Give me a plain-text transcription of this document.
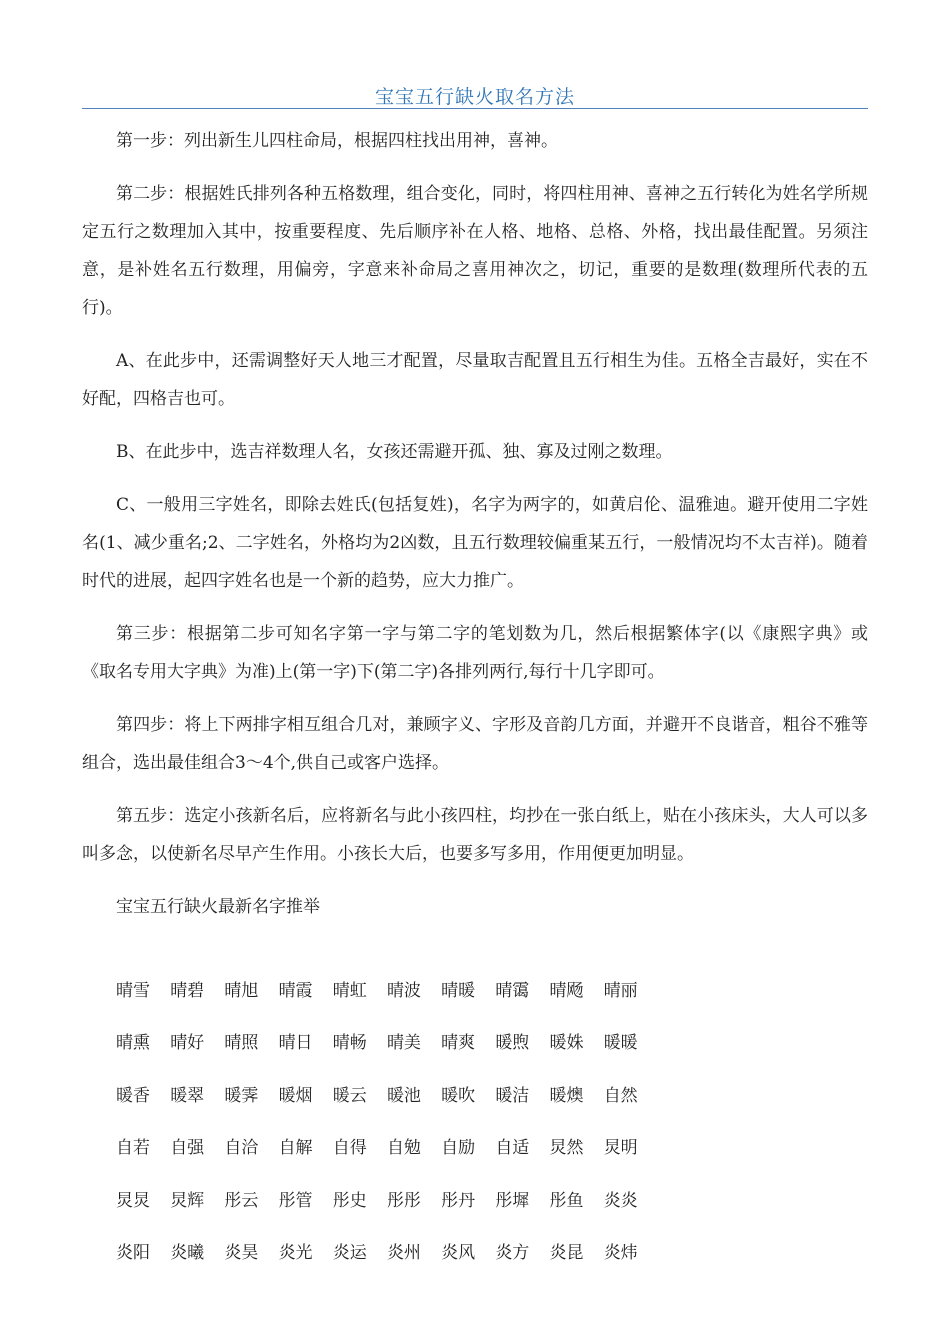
宝宝五行缺火取名方法

第一步：列出新生儿四柱命局，根据四柱找出用神，喜神。

第二步：根据姓氏排列各种五格数理，组合变化，同时，将四柱用神、喜神之五行转化为姓名学所规定五行之数理加入其中，按重要程度、先后顺序补在人格、地格、总格、外格，找出最佳配置。另须注意，是补姓名五行数理，用偏旁，字意来补命局之喜用神次之，切记，重要的是数理(数理所代表的五行)。

A、在此步中，还需调整好天人地三才配置，尽量取吉配置且五行相生为佳。五格全吉最好，实在不好配，四格吉也可。

B、在此步中，选吉祥数理人名，女孩还需避开孤、独、寡及过刚之数理。

C、一般用三字姓名，即除去姓氏(包括复姓)，名字为两字的，如黄启伦、温雅迪。避开使用二字姓名(1、减少重名;2、二字姓名，外格均为2凶数，且五行数理较偏重某五行，一般情况均不太吉祥)。随着时代的进展，起四字姓名也是一个新的趋势，应大力推广。

第三步：根据第二步可知名字第一字与第二字的笔划数为几，然后根据繁体字(以《康熙字典》或《取名专用大字典》为准)上(第一字)下(第二字)各排列两行,每行十几字即可。

第四步：将上下两排字相互组合几对，兼顾字义、字形及音韵几方面，并避开不良谐音，粗谷不雅等组合，选出最佳组合3～4个,供自己或客户选择。

第五步：选定小孩新名后，应将新名与此小孩四柱，均抄在一张白纸上，贴在小孩床头，大人可以多叫多念，以使新名尽早产生作用。小孩长大后，也要多写多用，作用便更加明显。

宝宝五行缺火最新名字推举

晴雪	晴碧	晴旭	晴霞	晴虹	晴波	晴暖	晴霭	晴飏	晴丽
晴熏	晴好	晴照	晴日	晴畅	晴美	晴爽	暖煦	暖姝	暖暖
暖香	暖翠	暖霁	暖烟	暖云	暖池	暖吹	暖洁	暖燠	自然
自若	自强	自洽	自解	自得	自勉	自励	自适	炅然	炅明
炅炅	炅辉	彤云	彤管	彤史	彤彤	彤丹	彤墀	彤鱼	炎炎
炎阳	炎曦	炎昊	炎光	炎运	炎州	炎风	炎方	炎昆	炎炜
